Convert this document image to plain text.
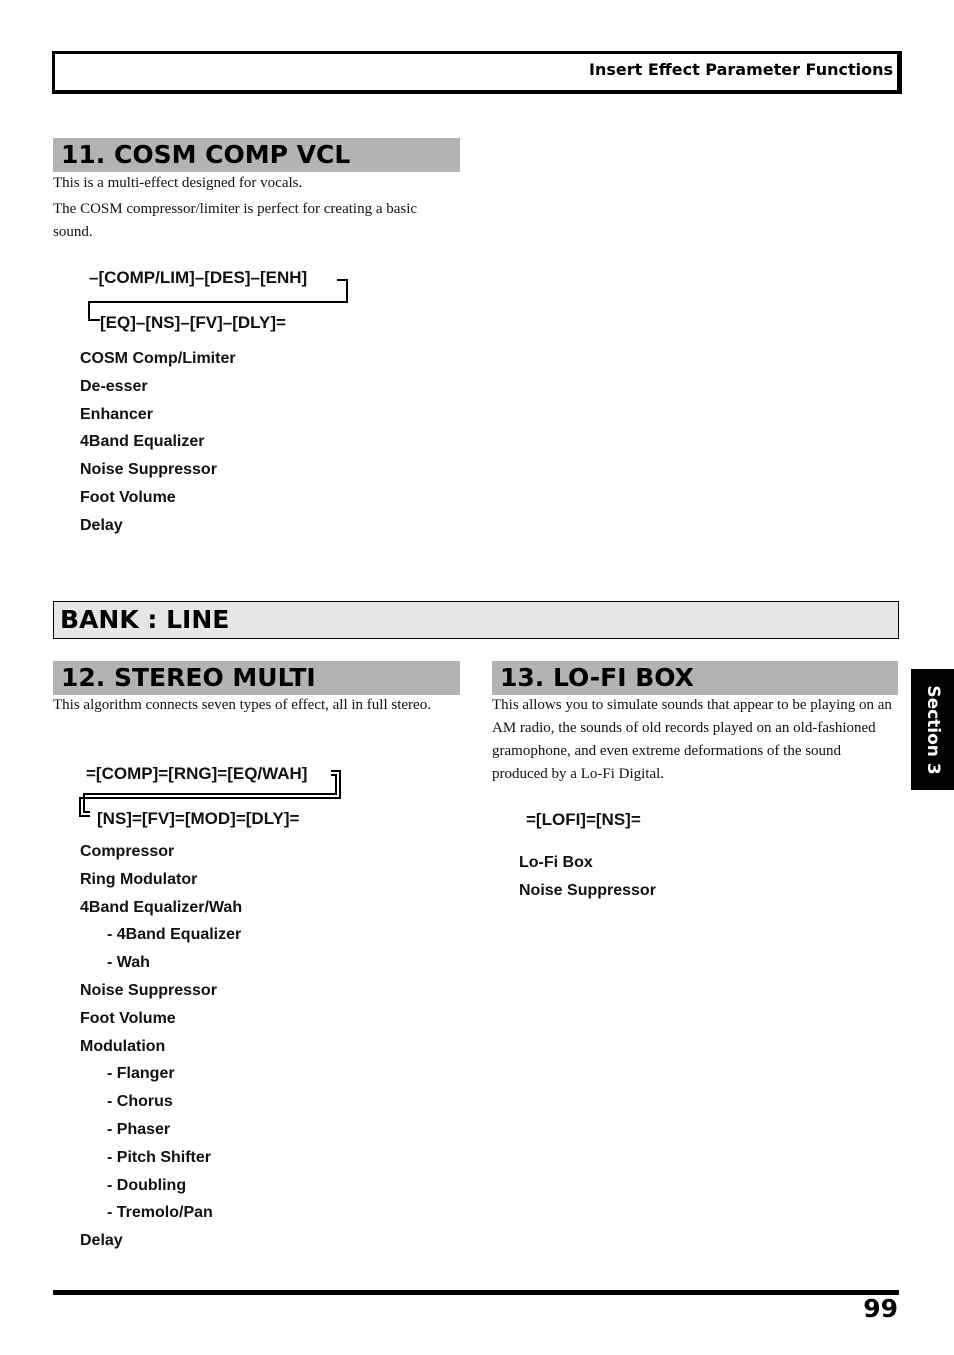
Insert Effect Parameter Functions
11. COSM COMP VCL

This is a multi-effect designed for vocals.

The COSM compressor/limiter is perfect for creating a basic sound.

–[COMP/LIM]–[DES]–[ENH]
[EQ]–[NS]–[FV]–[DLY]=
COSM Comp/Limiter
De-esser
Enhancer
4Band Equalizer
Noise Suppressor
Foot Volume
Delay
BANK : LINE
12. STEREO MULTI

This algorithm connects seven types of effect, all in full stereo.

=[COMP]=[RNG]=[EQ/WAH]
[NS]=[FV]=[MOD]=[DLY]=
Compressor
Ring Modulator
4Band Equalizer/Wah
- 4Band Equalizer
- Wah
Noise Suppressor
Foot Volume
Modulation
- Flanger
- Chorus
- Phaser
- Pitch Shifter
- Doubling
- Tremolo/Pan
Delay
13. LO-FI BOX

This allows you to simulate sounds that appear to be playing on an AM radio, the sounds of old records played on an old-fashioned gramophone, and even extreme deformations of the sound produced by a Lo-Fi Digital.

=[LOFI]=[NS]=
Lo-Fi Box
Noise Suppressor
Section 3
99
